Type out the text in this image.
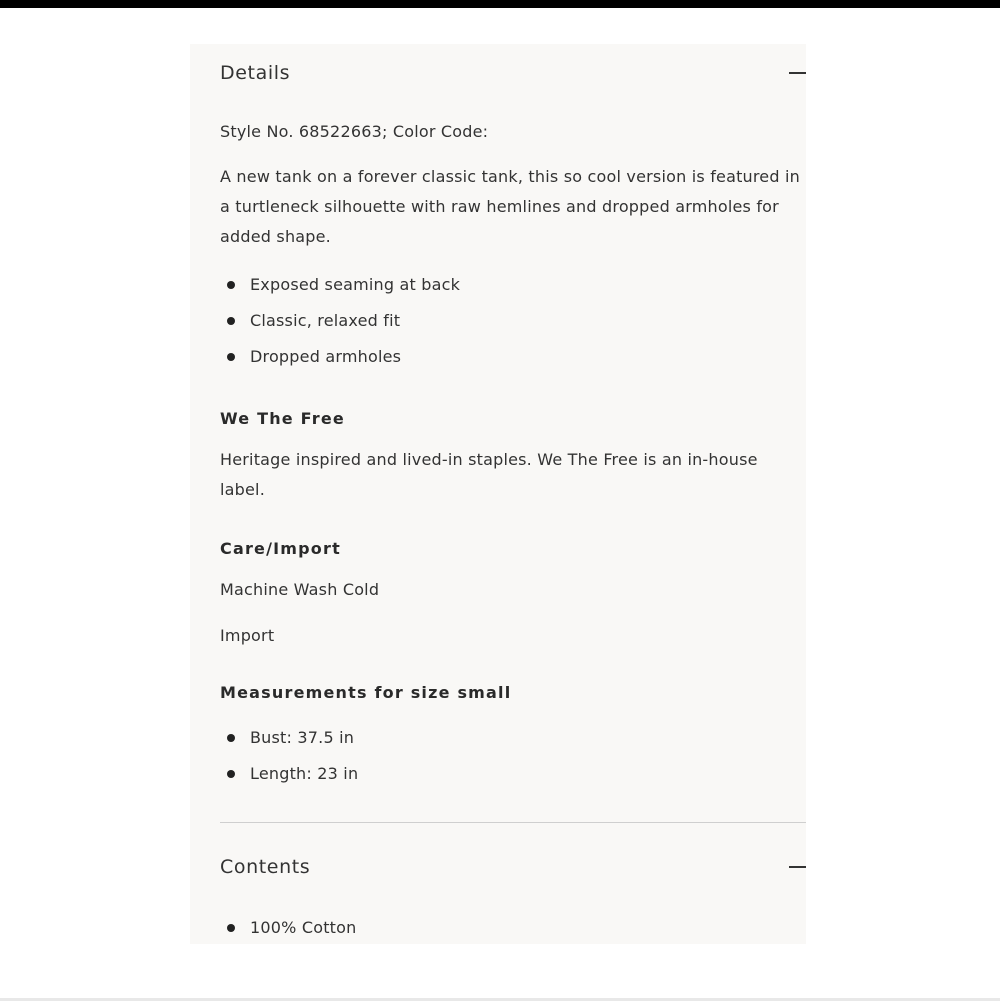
Details
Style No. 68522663; Color Code:
A new tank on a forever classic tank, this so cool version is featured in a turtleneck silhouette with raw hemlines and dropped armholes for added shape.
Exposed seaming at back
Classic, relaxed fit
Dropped armholes
We The Free
Heritage inspired and lived-in staples. We The Free is an in-house label.
Care/Import
Machine Wash Cold
Import
Measurements for size small
Bust: 37.5 in
Length: 23 in
Contents
100% Cotton
